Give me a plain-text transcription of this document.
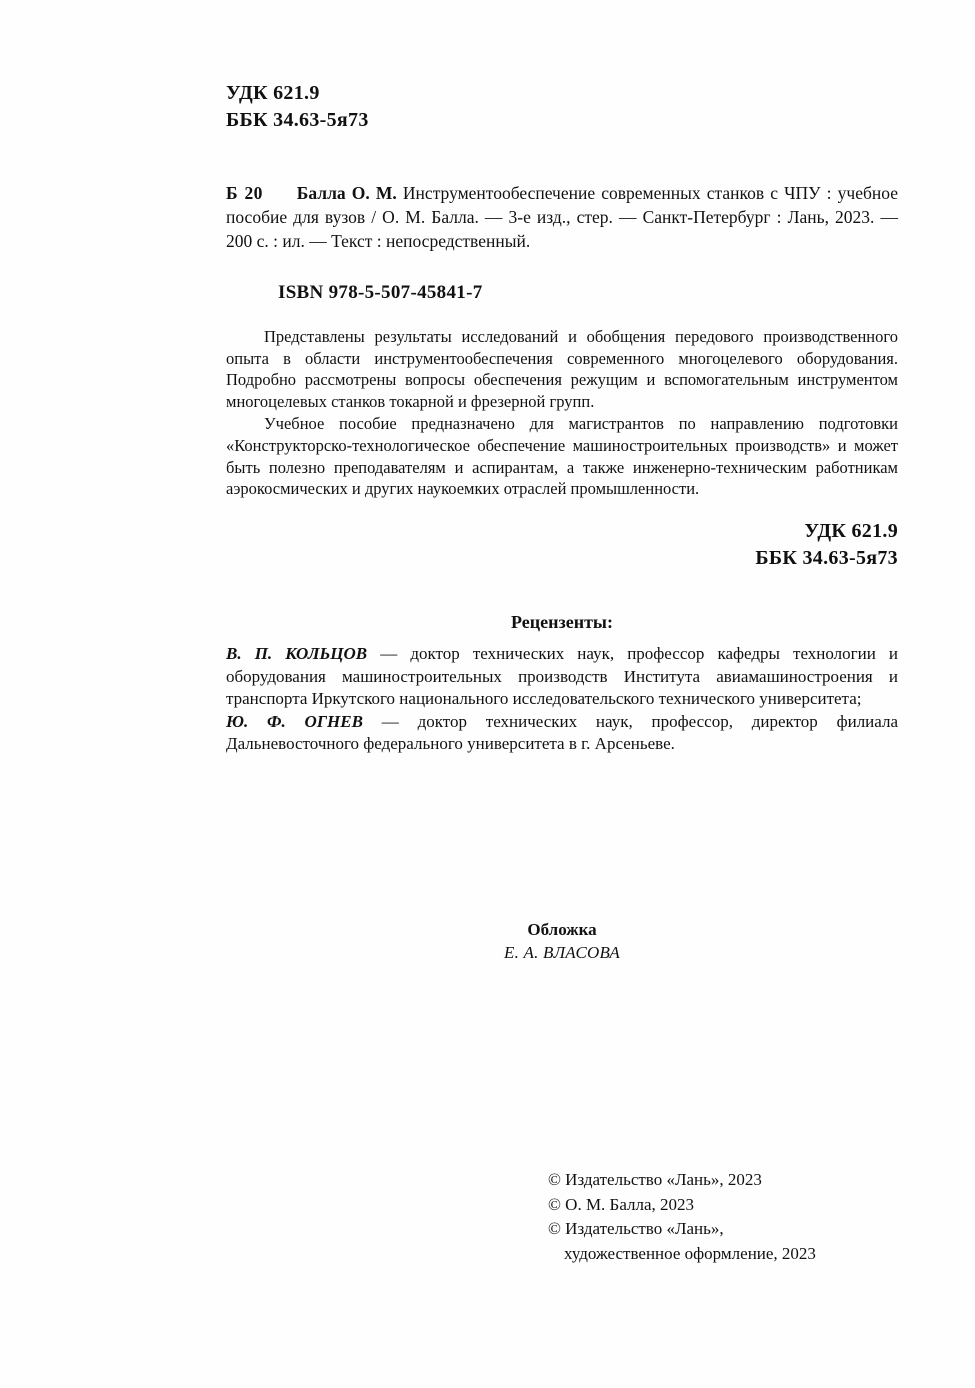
УДК 621.9
ББК 34.63-5я73
Б 20 Балла О. М. Инструментообеспечение современных станков с ЧПУ : учебное пособие для вузов / О. М. Балла. — 3-е изд., стер. — Санкт-Петербург : Лань, 2023. — 200 с. : ил. — Текст : непосредственный.
ISBN 978-5-507-45841-7

Представлены результаты исследований и обобщения передового производственного опыта в области инструментообеспечения современного многоцелевого оборудования. Подробно рассмотрены вопросы обеспечения режущим и вспомогательным инструментом многоцелевых станков токарной и фрезерной групп.

Учебное пособие предназначено для магистрантов по направлению подготовки «Конструкторско-технологическое обеспечение машиностроительных производств» и может быть полезно преподавателям и аспирантам, а также инженерно-техническим работникам аэрокосмических и других наукоемких отраслей промышленности.

УДК 621.9
ББК 34.63-5я73
Рецензенты:

В. П. КОЛЬЦОВ — доктор технических наук, профессор кафедры технологии и оборудования машиностроительных производств Института авиамашиностроения и транспорта Иркутского национального исследовательского технического университета;

Ю. Ф. ОГНЕВ — доктор технических наук, профессор, директор филиала Дальневосточного федерального университета в г. Арсеньеве.

Обложка
Е. А. ВЛАСОВА
© Издательство «Лань», 2023
© О. М. Балла, 2023
© Издательство «Лань»,
художественное оформление, 2023
